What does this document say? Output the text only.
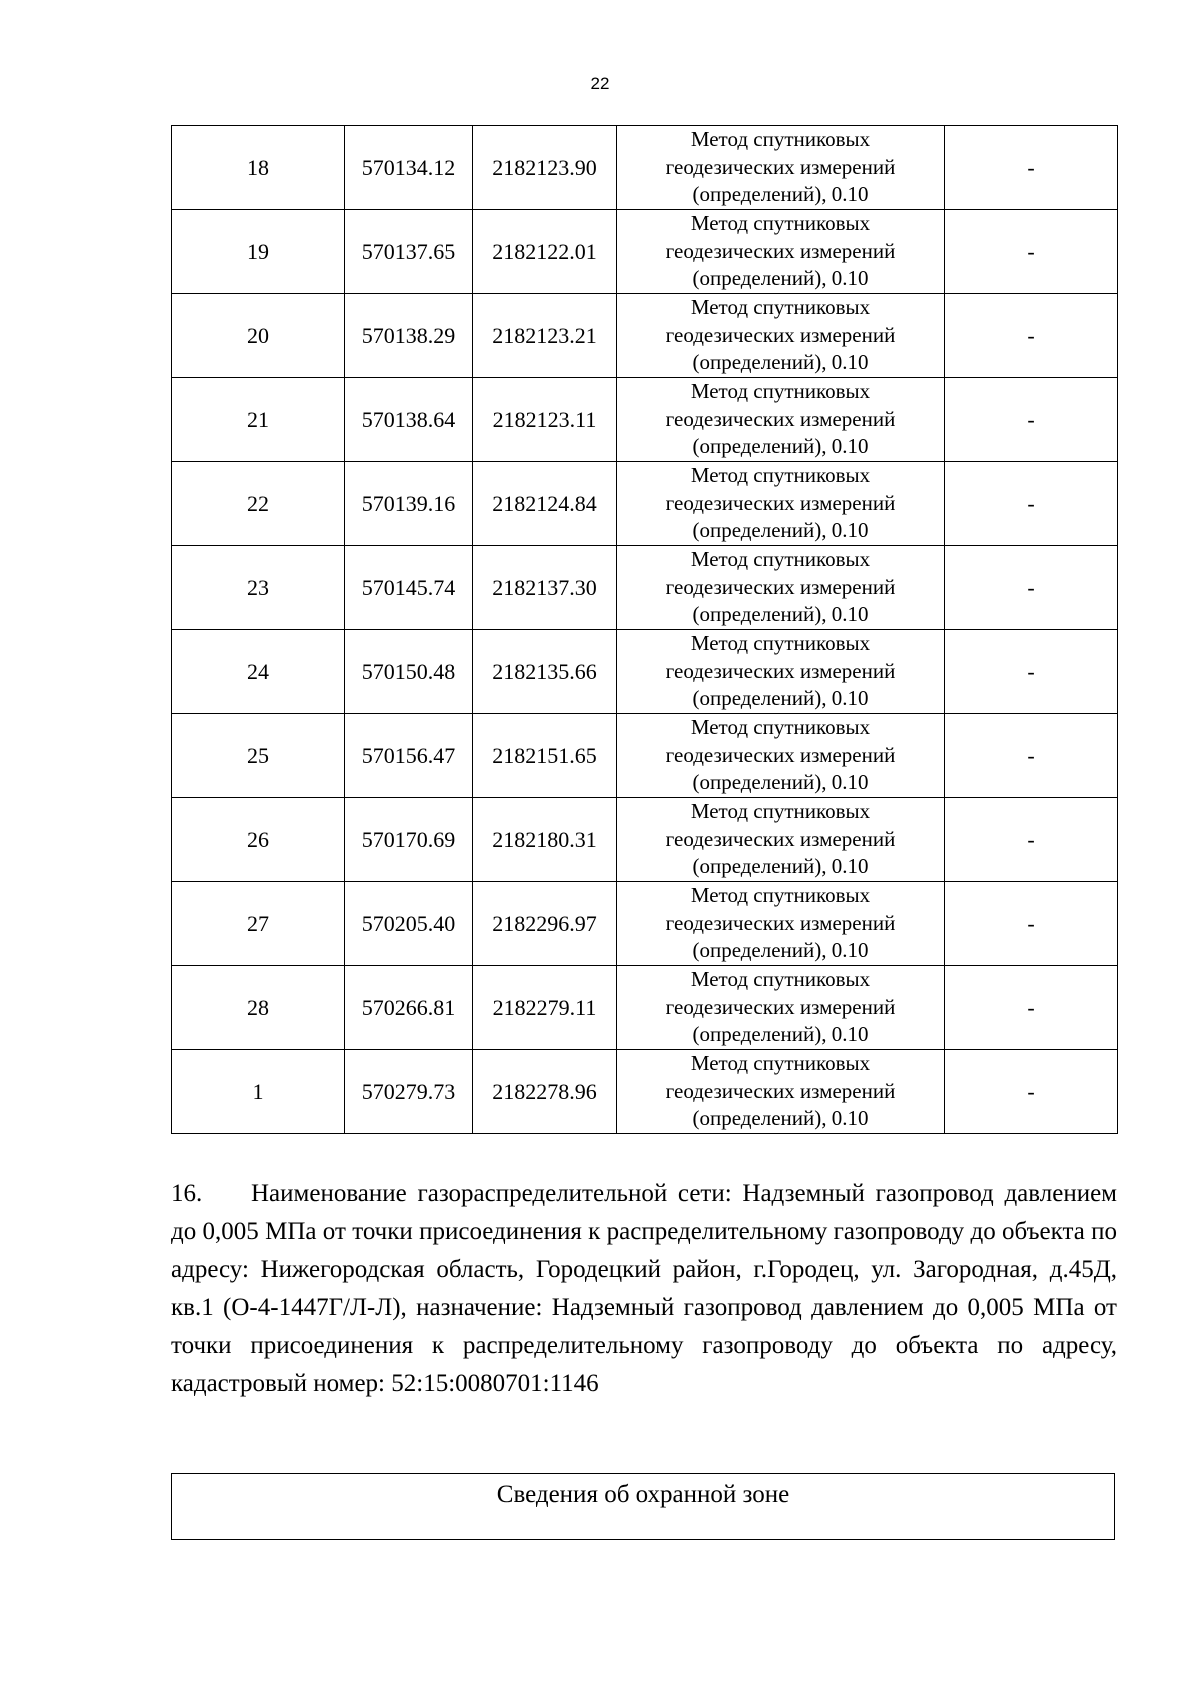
22
18	570134.12	2182123.90	Метод спутниковых
геодезических измерений
(определений), 0.10	-
19	570137.65	2182122.01	Метод спутниковых
геодезических измерений
(определений), 0.10	-
20	570138.29	2182123.21	Метод спутниковых
геодезических измерений
(определений), 0.10	-
21	570138.64	2182123.11	Метод спутниковых
геодезических измерений
(определений), 0.10	-
22	570139.16	2182124.84	Метод спутниковых
геодезических измерений
(определений), 0.10	-
23	570145.74	2182137.30	Метод спутниковых
геодезических измерений
(определений), 0.10	-
24	570150.48	2182135.66	Метод спутниковых
геодезических измерений
(определений), 0.10	-
25	570156.47	2182151.65	Метод спутниковых
геодезических измерений
(определений), 0.10	-
26	570170.69	2182180.31	Метод спутниковых
геодезических измерений
(определений), 0.10	-
27	570205.40	2182296.97	Метод спутниковых
геодезических измерений
(определений), 0.10	-
28	570266.81	2182279.11	Метод спутниковых
геодезических измерений
(определений), 0.10	-
1	570279.73	2182278.96	Метод спутниковых
геодезических измерений
(определений), 0.10	-
16. Наименование газораспределительной сети: Надземный газопровод давлением до 0,005 МПа от точки присоединения к распределительному газопроводу до объекта по адресу: Нижегородская область, Городецкий район, г.Городец, ул. Загородная, д.45Д, кв.1 (О-4-1447Г/Л-Л), назначение: Надземный газопровод давлением до 0,005 МПа от точки присоединения к распределительному газопроводу до объекта по адресу, кадастровый номер: 52:15:0080701:1146
Сведения об охранной зоне
